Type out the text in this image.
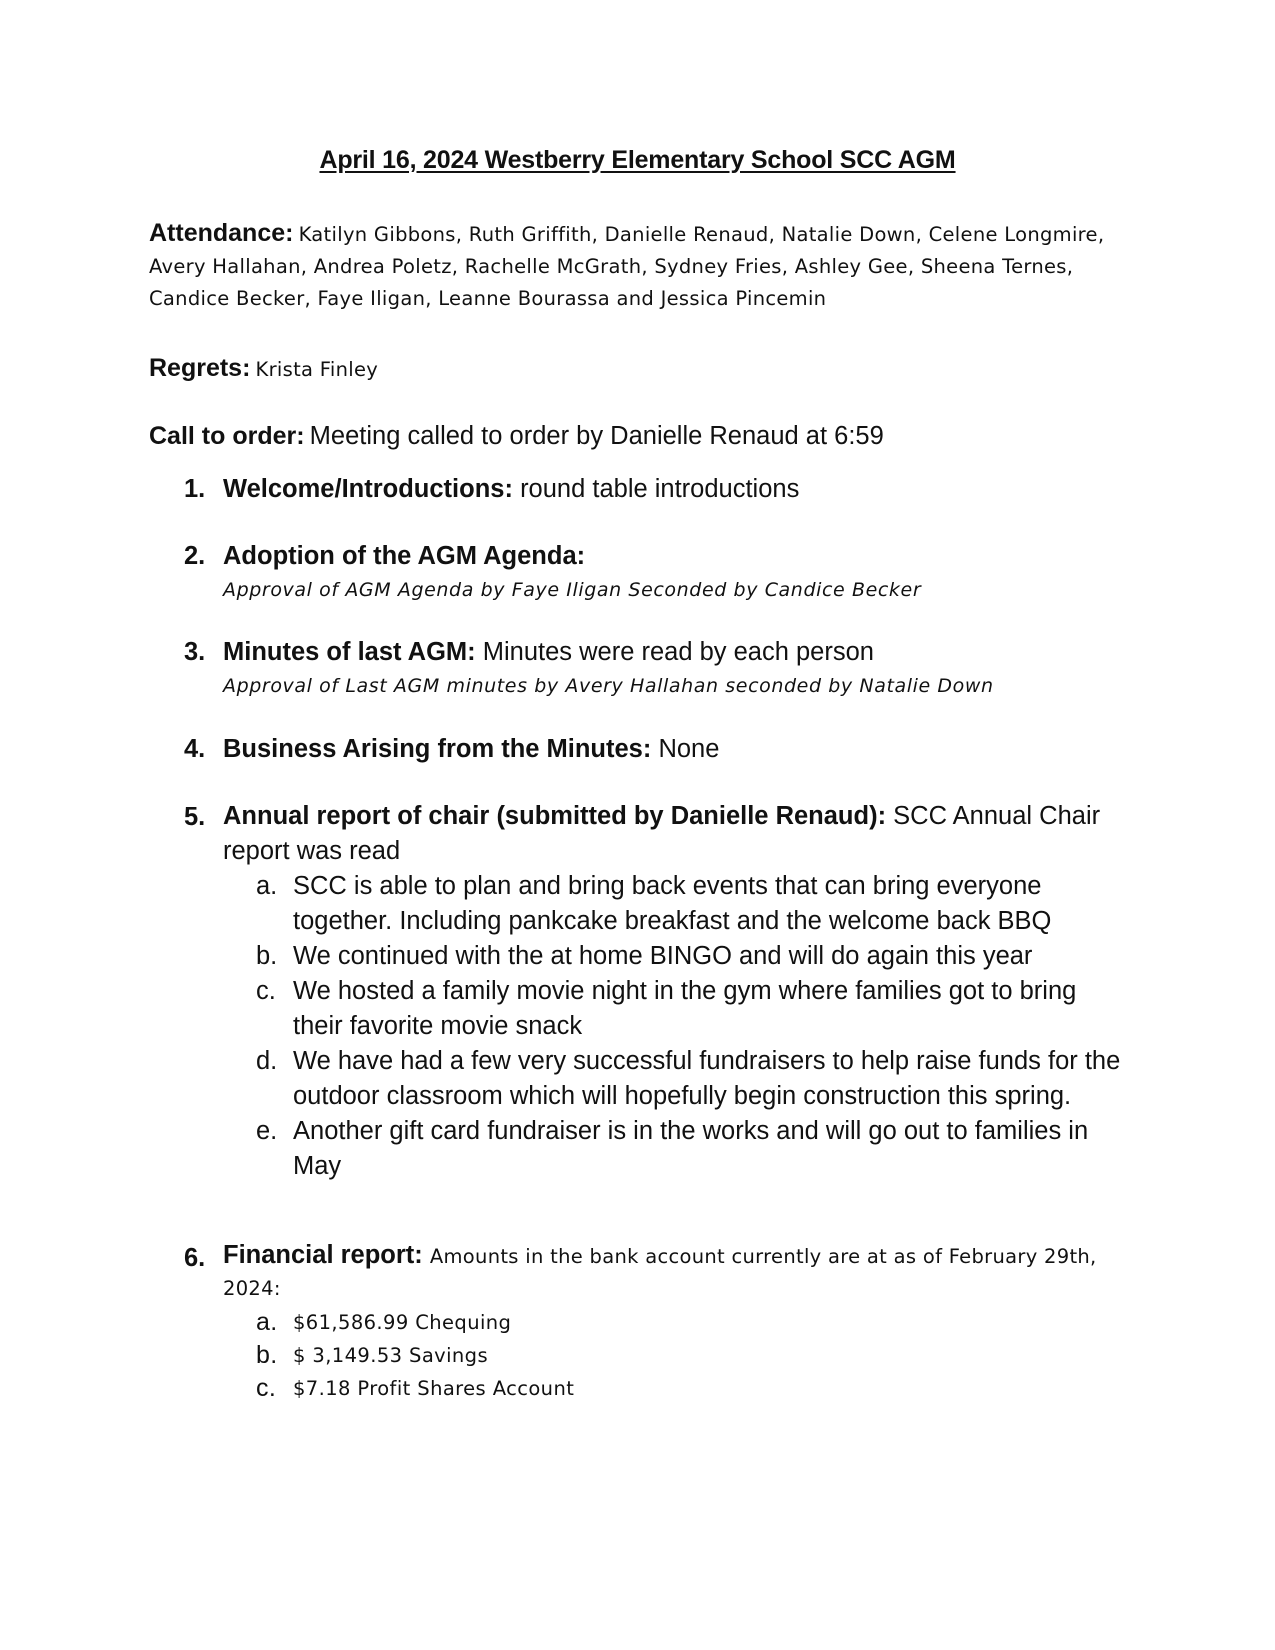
April 16, 2024 Westberry Elementary School SCC AGM
Attendance: Katilyn Gibbons, Ruth Griffith, Danielle Renaud, Natalie Down, Celene Longmire, Avery Hallahan, Andrea Poletz, Rachelle McGrath, Sydney Fries, Ashley Gee, Sheena Ternes, Candice Becker, Faye Iligan, Leanne Bourassa and Jessica Pincemin
Regrets: Krista Finley
Call to order: Meeting called to order by Danielle Renaud at 6:59
1. Welcome/Introductions: round table introductions
2. Adoption of the AGM Agenda:
Approval of AGM Agenda by Faye Iligan Seconded by Candice Becker
3. Minutes of last AGM: Minutes were read by each person
Approval of Last AGM minutes by Avery Hallahan seconded by Natalie Down
4. Business Arising from the Minutes: None
5. Annual report of chair (submitted by Danielle Renaud): SCC Annual Chair report was read
a. SCC is able to plan and bring back events that can bring everyone together. Including pankcake breakfast and the welcome back BBQ
b. We continued with the at home BINGO and will do again this year
c. We hosted a family movie night in the gym where families got to bring their favorite movie snack
d. We have had a few very successful fundraisers to help raise funds for the outdoor classroom which will hopefully begin construction this spring.
e. Another gift card fundraiser is in the works and will go out to families in May
6. Financial report: Amounts in the bank account currently are at as of February 29th, 2024:
a. $61,586.99 Chequing
b. $ 3,149.53 Savings
c. $7.18 Profit Shares Account
